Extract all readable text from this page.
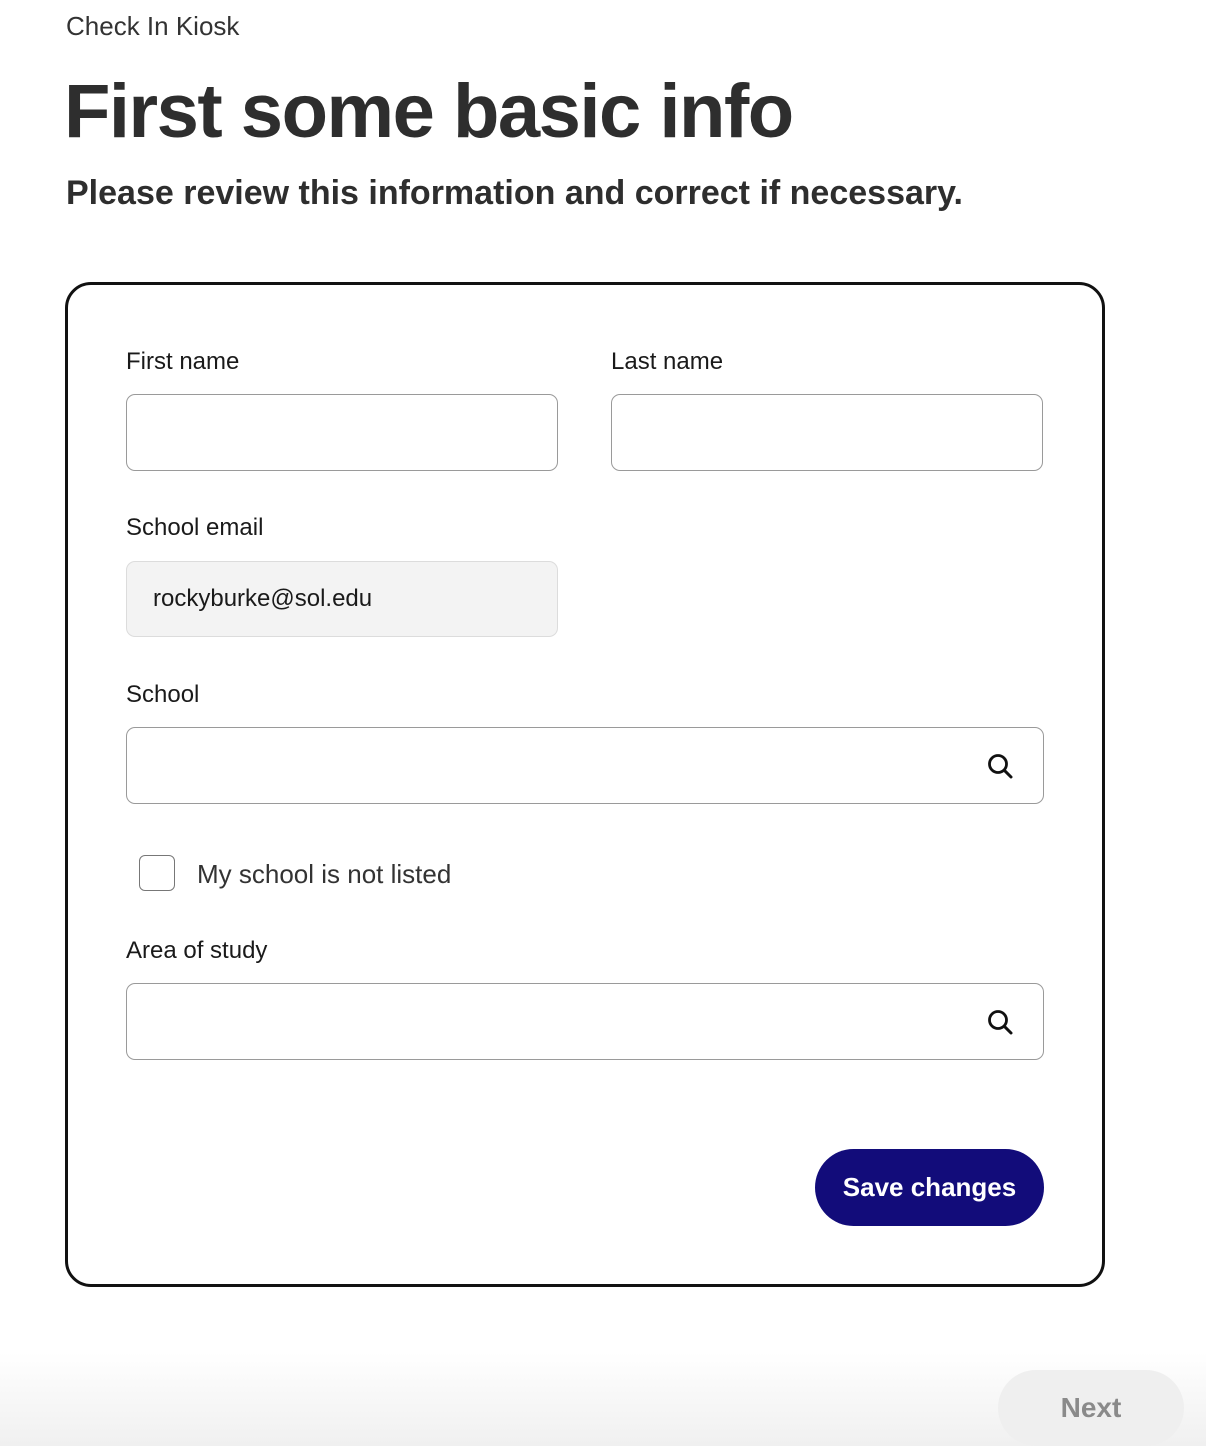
Check In Kiosk
First some basic info
Please review this information and correct if necessary.
First name	Last name
School email
rockyburke@sol.edu
School
My school is not listed
Area of study
Save changes
Next
